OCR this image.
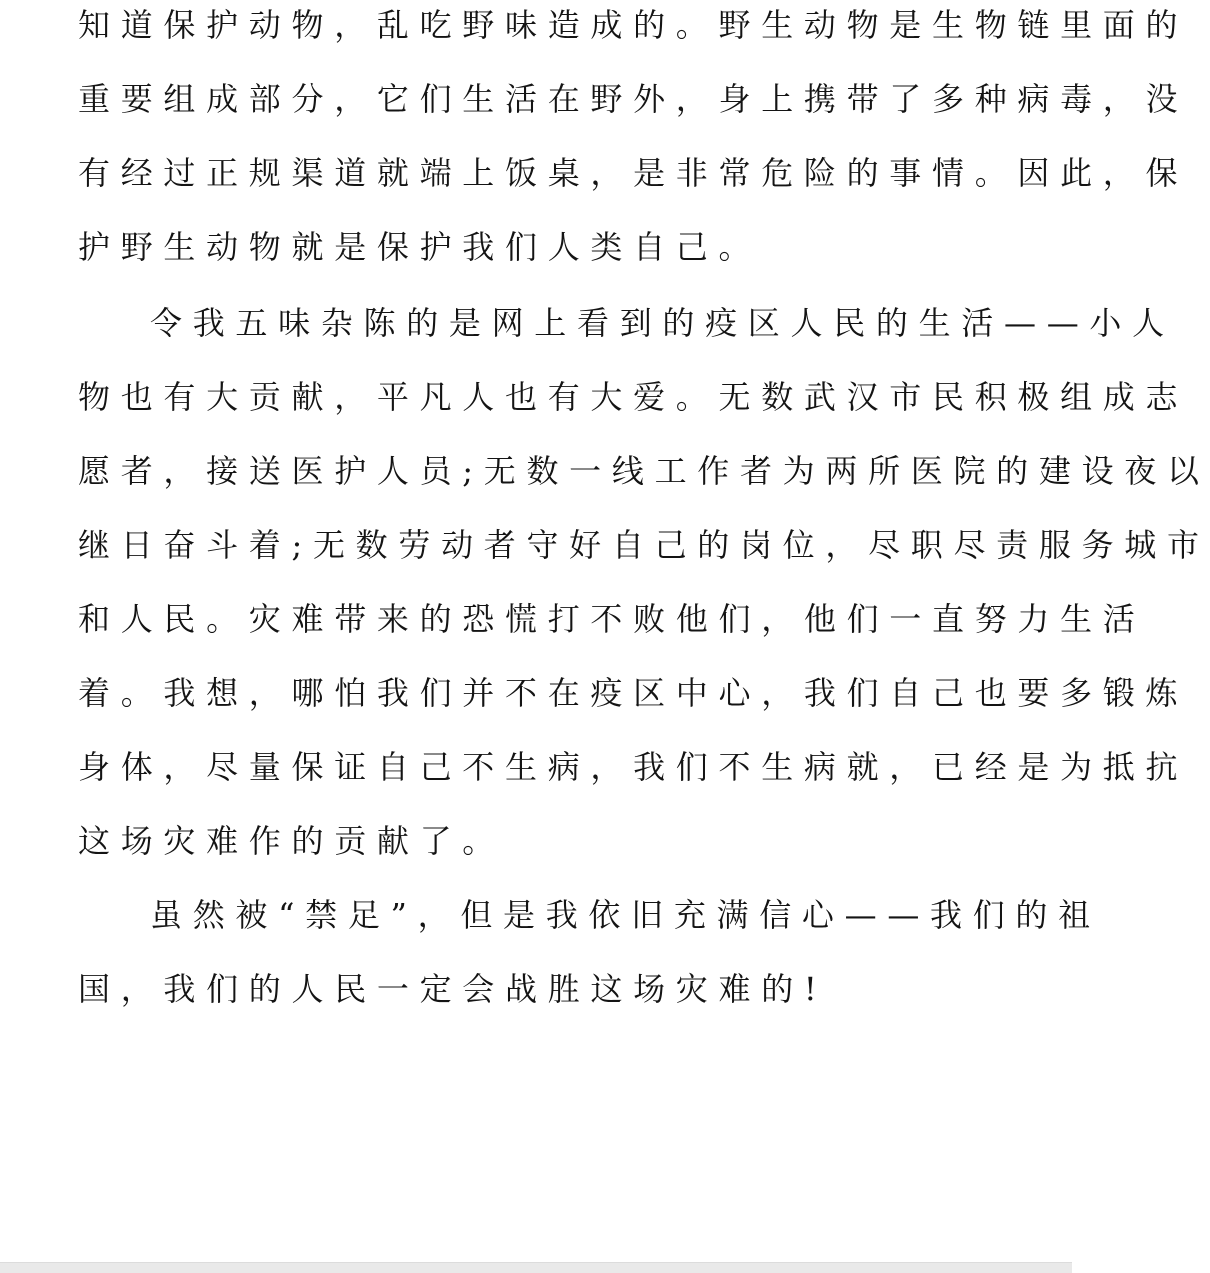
知道保护动物，乱吃野味造成的。野生动物是生物链里面的
重要组成部分，它们生活在野外，身上携带了多种病毒，没
有经过正规渠道就端上饭桌，是非常危险的事情。因此，保
护野生动物就是保护我们人类自己。
令我五味杂陈的是网上看到的疫区人民的生活——小人
物也有大贡献，平凡人也有大爱。无数武汉市民积极组成志
愿者，接送医护人员;无数一线工作者为两所医院的建设夜以
继日奋斗着;无数劳动者守好自己的岗位，尽职尽责服务城市
和人民。灾难带来的恐慌打不败他们，他们一直努力生活
着。我想，哪怕我们并不在疫区中心，我们自己也要多锻炼
身体，尽量保证自己不生病，我们不生病就，已经是为抵抗
这场灾难作的贡献了。
虽然被“禁足”，但是我依旧充满信心——我们的祖
国，我们的人民一定会战胜这场灾难的!
